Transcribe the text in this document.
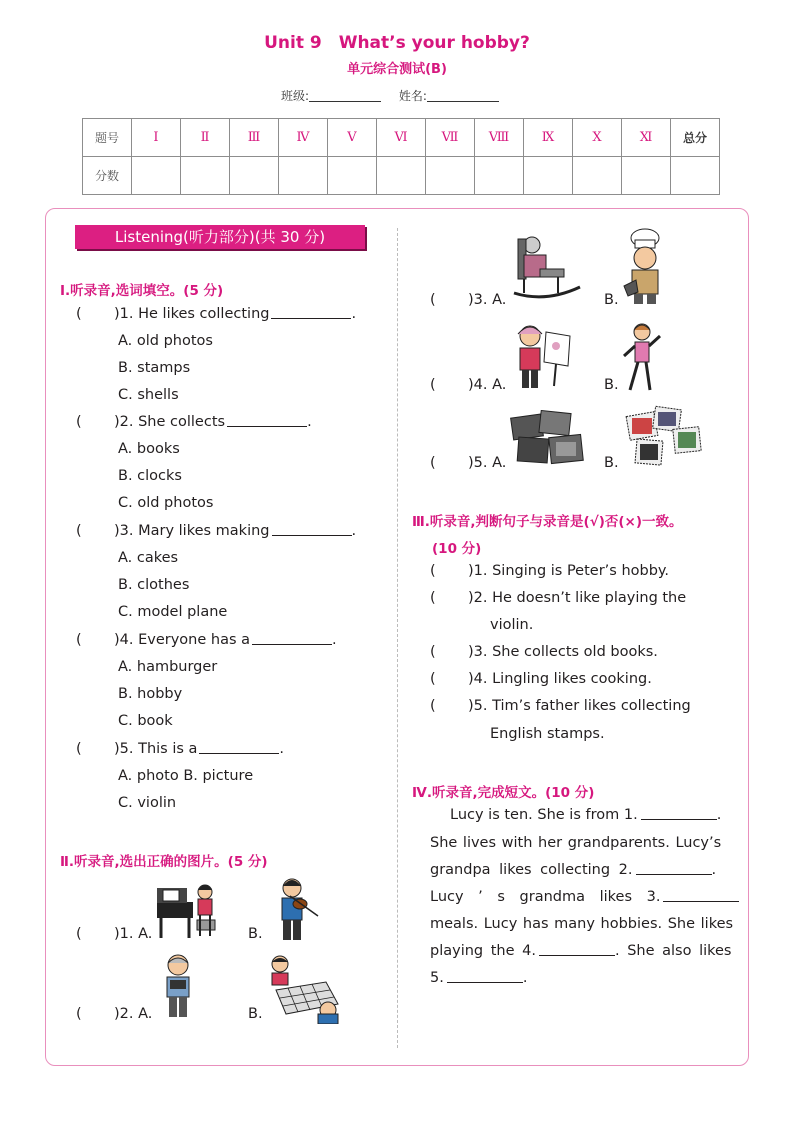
Unit 9　What’s your hobby?
单元综合测试(B)
班级:	姓名:
题号	Ⅰ	Ⅱ	Ⅲ	Ⅳ	Ⅴ	Ⅵ	Ⅶ	Ⅷ	Ⅸ	Ⅹ	Ⅺ	总分
分数												
Listening(听力部分)(共 30 分)
Ⅰ.听录音,选词填空。(5 分)
( )1. He likes collecting	.
A. old photos
B. stamps
C. shells
( )2. She collects	.
A. books
B. clocks
C. old photos
( )3. Mary likes making	.
A. cakes
B. clothes
C. model plane
( )4. Everyone has a	.
A. hamburger
B. hobby
C. book
( )5. This is a	.
A. photo B. picture
C. violin
Ⅱ.听录音,选出正确的图片。(5 分)
( )1. A.	B.
( )2. A.	B.
( )3. A.	B.
( )4. A.	B.
( )5. A.	B.
Ⅲ.听录音,判断句子与录音是(√)否(×)一致。
(10 分)
( )1. Singing is Peter’s hobby.
( )2. He doesn’t like playing the
violin.
( )3. She collects old books.
( )4. Lingling likes cooking.
( )5. Tim’s father likes collecting
English stamps.
Ⅳ.听录音,完成短文。(10 分)
Lucy is ten. She is from 1.	.
She lives with her grandparents. Lucy’s
grandpa likes collecting 2.	.
Lucy ’ s grandma likes 3.
meals. Lucy has many hobbies. She likes
playing the 4.	. She also likes
5.	.
